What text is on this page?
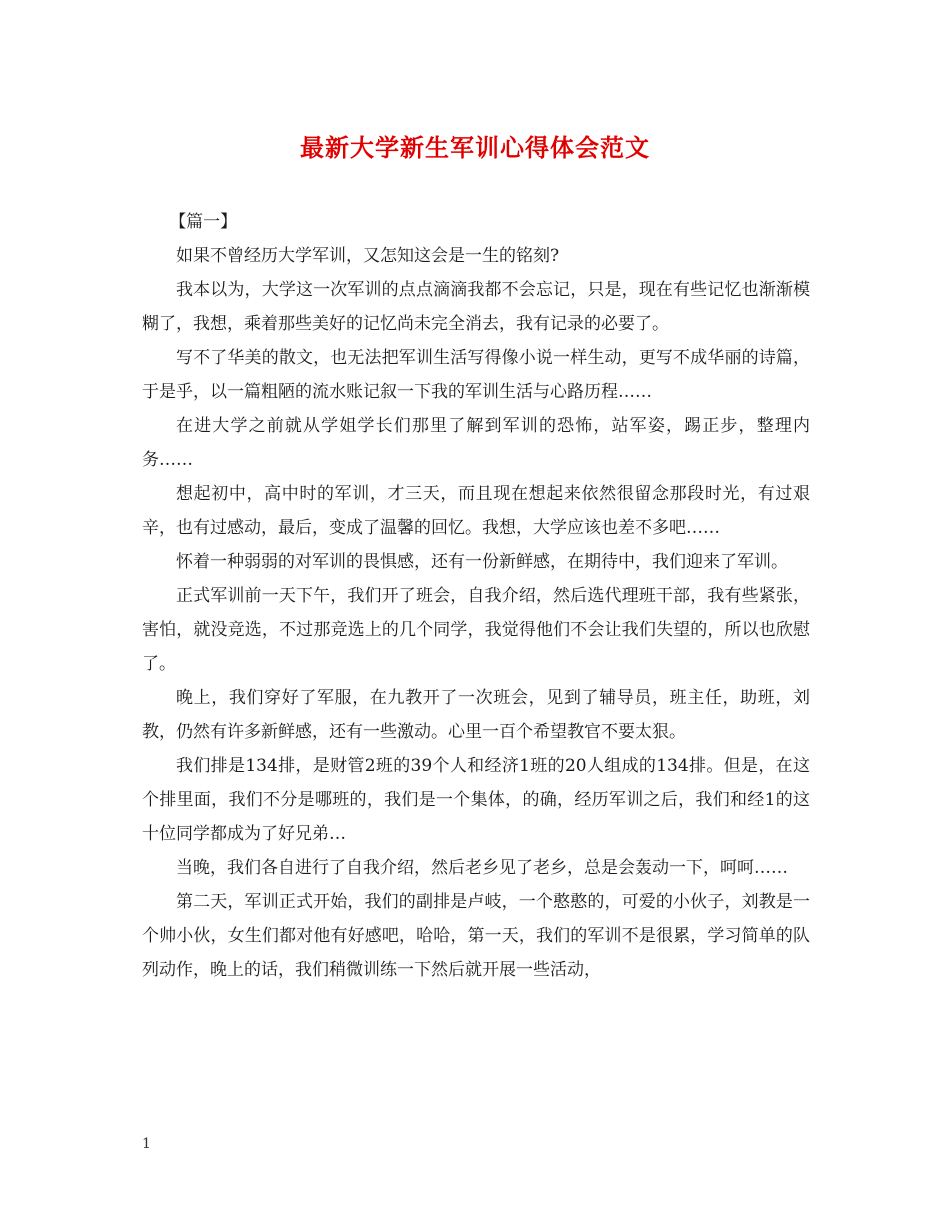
最新大学新生军训心得体会范文

【篇一】

如果不曾经历大学军训，又怎知这会是一生的铭刻?

我本以为，大学这一次军训的点点滴滴我都不会忘记，只是，现在有些记忆也渐渐模糊了，我想，乘着那些美好的记忆尚未完全消去，我有记录的必要了。

写不了华美的散文，也无法把军训生活写得像小说一样生动，更写不成华丽的诗篇，于是乎，以一篇粗陋的流水账记叙一下我的军训生活与心路历程……

在进大学之前就从学姐学长们那里了解到军训的恐怖，站军姿，踢正步，整理内务……

想起初中，高中时的军训，才三天，而且现在想起来依然很留念那段时光，有过艰辛，也有过感动，最后，变成了温馨的回忆。我想，大学应该也差不多吧……

怀着一种弱弱的对军训的畏惧感，还有一份新鲜感，在期待中，我们迎来了军训。

正式军训前一天下午，我们开了班会，自我介绍，然后选代理班干部，我有些紧张，害怕，就没竞选，不过那竞选上的几个同学，我觉得他们不会让我们失望的，所以也欣慰了。

晚上，我们穿好了军服，在九教开了一次班会，见到了辅导员，班主任，助班，刘教，仍然有许多新鲜感，还有一些激动。心里一百个希望教官不要太狠。

我们排是134排，是财管2班的39个人和经济1班的20人组成的134排。但是，在这个排里面，我们不分是哪班的，我们是一个集体，的确，经历军训之后，我们和经1的这十位同学都成为了好兄弟…

当晚，我们各自进行了自我介绍，然后老乡见了老乡，总是会轰动一下，呵呵……

第二天，军训正式开始，我们的副排是卢岐，一个憨憨的，可爱的小伙子，刘教是一个帅小伙，女生们都对他有好感吧，哈哈，第一天，我们的军训不是很累，学习简单的队列动作，晚上的话，我们稍微训练一下然后就开展一些活动，

1
